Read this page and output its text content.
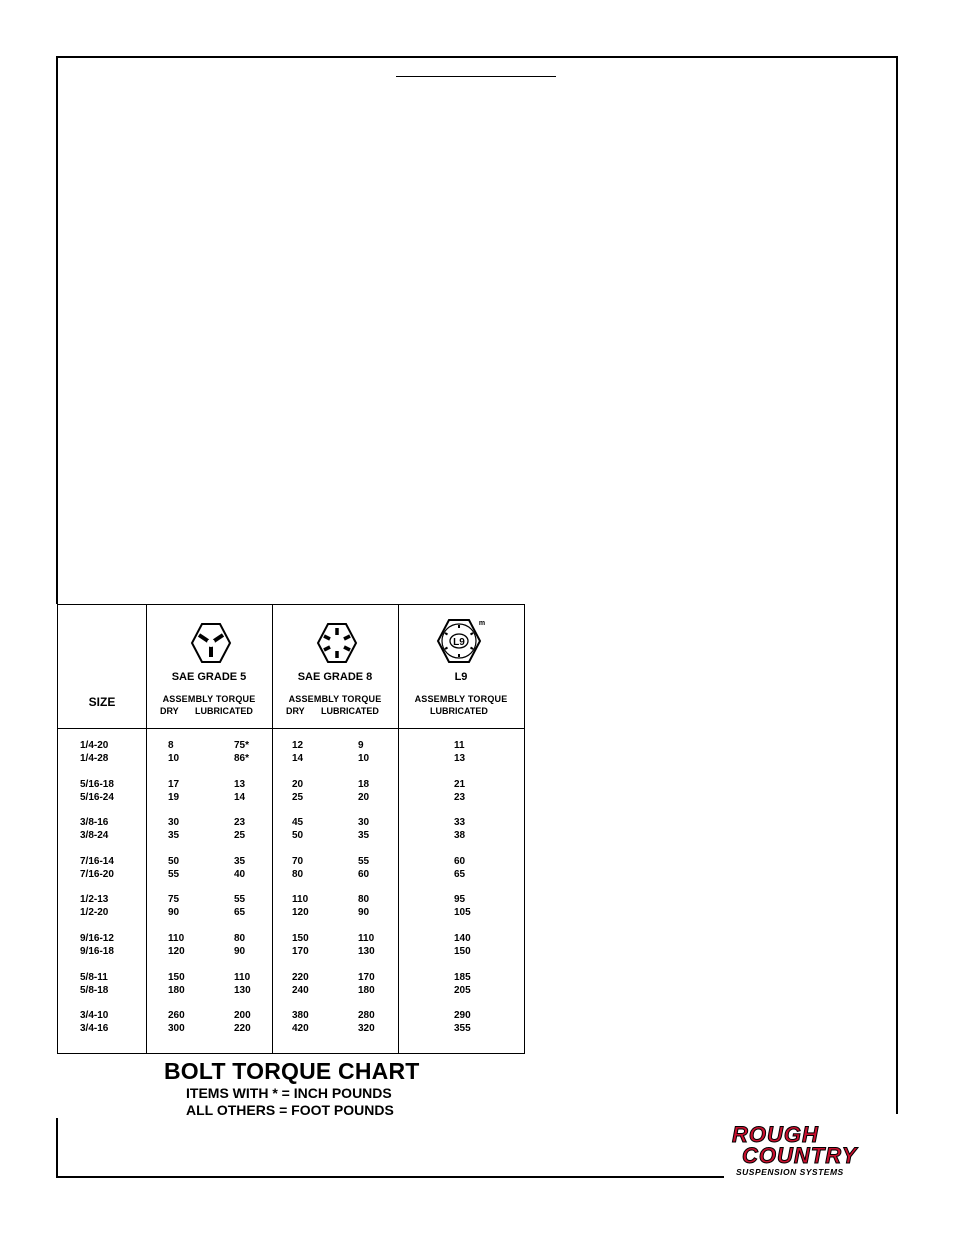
SIZE
SAE GRADE 5
ASSEMBLY TORQUE
DRY LUBRICATED
SAE GRADE 8
ASSEMBLY TORQUE
DRY LUBRICATED
L9
m
L9
ASSEMBLY TORQUE
LUBRICATED
1/4-20	8	75*	12	9	11
1/4-28	10	86*	14	10	13
5/16-18	17	13	20	18	21
5/16-24	19	14	25	20	23
3/8-16	30	23	45	30	33
3/8-24	35	25	50	35	38
7/16-14	50	35	70	55	60
7/16-20	55	40	80	60	65
1/2-13	75	55	110	80	95
1/2-20	90	65	120	90	105
9/16-12	110	80	150	110	140
9/16-18	120	90	170	130	150
5/8-11	150	110	220	170	185
5/8-18	180	130	240	180	205
3/4-10	260	200	380	280	290
3/4-16	300	220	420	320	355
BOLT TORQUE CHART
ITEMS WITH * = INCH POUNDS
ALL OTHERS = FOOT POUNDS
ROUGH
COUNTRY
SUSPENSION SYSTEMS
